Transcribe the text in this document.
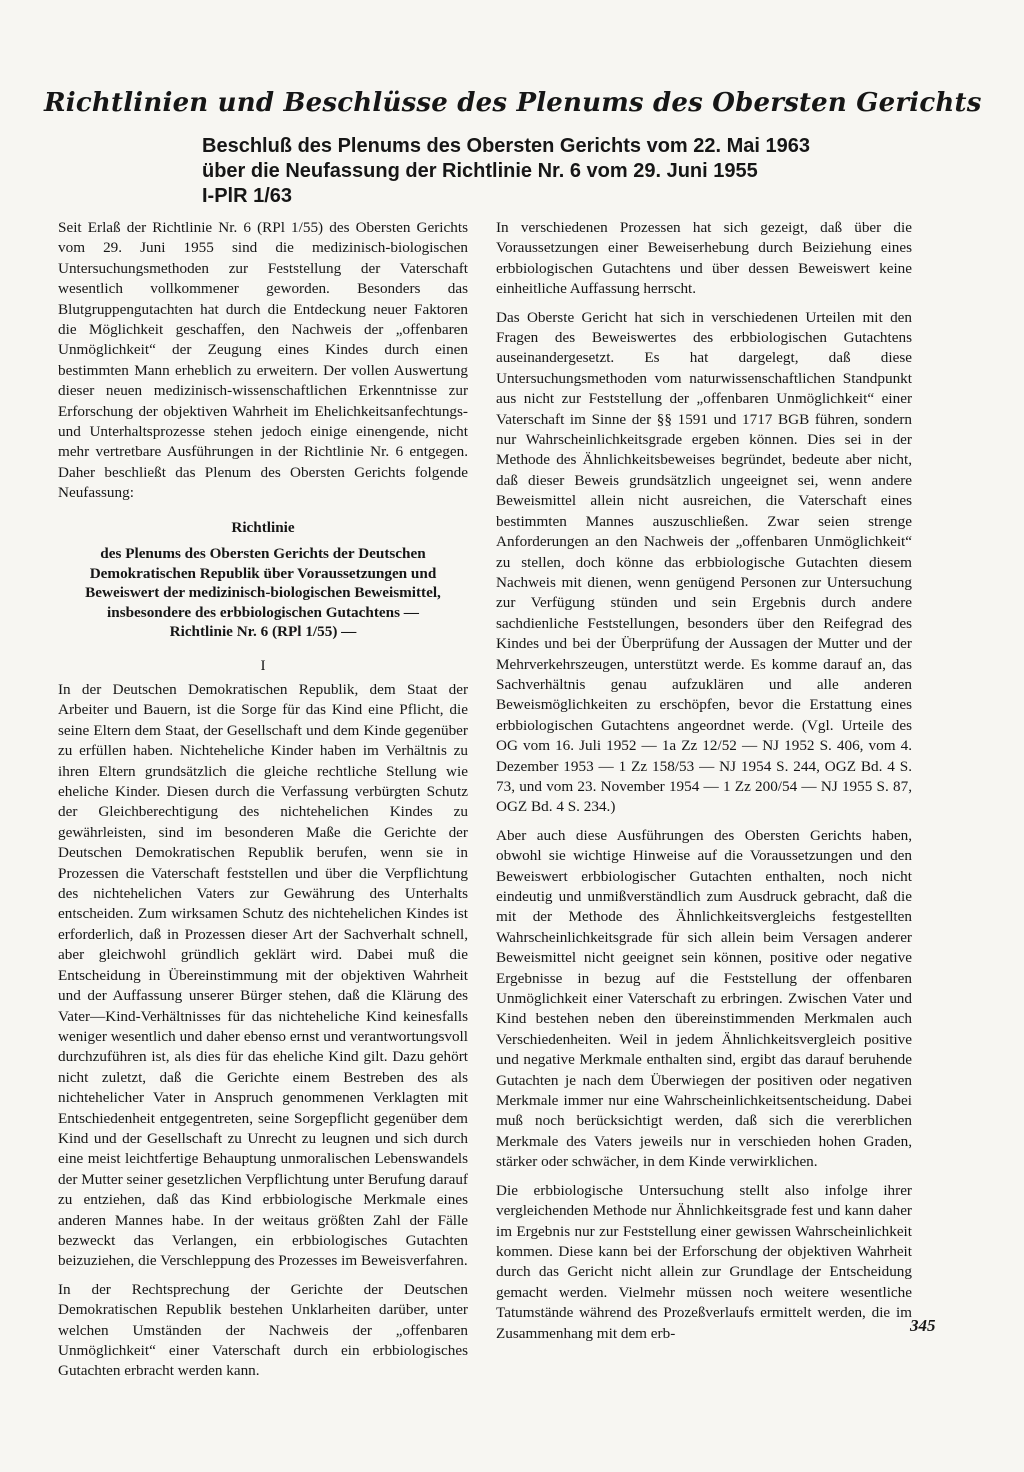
Richtlinien und Beschlüsse des Plenums des Obersten Gerichts
Beschluß des Plenums des Obersten Gerichts vom 22. Mai 1963
über die Neufassung der Richtlinie Nr. 6 vom 29. Juni 1955
I-PlR 1/63

Seit Erlaß der Richtlinie Nr. 6 (RPl 1/55) des Obersten Gerichts vom 29. Juni 1955 sind die medizinisch-biologischen Untersuchungsmethoden zur Feststellung der Vaterschaft wesentlich vollkommener geworden. Besonders das Blutgruppengutachten hat durch die Entdeckung neuer Faktoren die Möglichkeit geschaffen, den Nachweis der „offenbaren Unmöglichkeit“ der Zeugung eines Kindes durch einen bestimmten Mann erheblich zu erweitern. Der vollen Auswertung dieser neuen medizinisch-wissenschaftlichen Erkenntnisse zur Erforschung der objektiven Wahrheit im Ehelichkeitsanfechtungs- und Unterhaltsprozesse stehen jedoch einige einengende, nicht mehr vertretbare Ausführungen in der Richtlinie Nr. 6 entgegen. Daher beschließt das Plenum des Obersten Gerichts folgende Neufassung:

Richtlinie
des Plenums des Obersten Gerichts der Deutschen Demokratischen Republik über Voraussetzungen und Beweiswert der medizinisch-biologischen Beweismittel, insbesondere des erbbiologischen Gutachtens — Richtlinie Nr. 6 (RPl 1/55) —
I

In der Deutschen Demokratischen Republik, dem Staat der Arbeiter und Bauern, ist die Sorge für das Kind eine Pflicht, die seine Eltern dem Staat, der Gesellschaft und dem Kinde gegenüber zu erfüllen haben. Nichteheliche Kinder haben im Verhältnis zu ihren Eltern grundsätzlich die gleiche rechtliche Stellung wie eheliche Kinder. Diesen durch die Verfassung verbürgten Schutz der Gleichberechtigung des nichtehelichen Kindes zu gewährleisten, sind im besonderen Maße die Gerichte der Deutschen Demokratischen Republik berufen, wenn sie in Prozessen die Vaterschaft feststellen und über die Verpflichtung des nichtehelichen Vaters zur Gewährung des Unterhalts entscheiden. Zum wirksamen Schutz des nichtehelichen Kindes ist erforderlich, daß in Prozessen dieser Art der Sachverhalt schnell, aber gleichwohl gründlich geklärt wird. Dabei muß die Entscheidung in Übereinstimmung mit der objektiven Wahrheit und der Auffassung unserer Bürger stehen, daß die Klärung des Vater—Kind-Verhältnisses für das nichteheliche Kind keinesfalls weniger wesentlich und daher ebenso ernst und verantwortungsvoll durchzuführen ist, als dies für das eheliche Kind gilt. Dazu gehört nicht zuletzt, daß die Gerichte einem Bestreben des als nichtehelicher Vater in Anspruch genommenen Verklagten mit Entschiedenheit entgegentreten, seine Sorgepflicht gegenüber dem Kind und der Gesellschaft zu Unrecht zu leugnen und sich durch eine meist leichtfertige Behauptung unmoralischen Lebenswandels der Mutter seiner gesetzlichen Verpflichtung unter Berufung darauf zu entziehen, daß das Kind erbbiologische Merkmale eines anderen Mannes habe. In der weitaus größten Zahl der Fälle bezweckt das Verlangen, ein erbbiologisches Gutachten beizuziehen, die Verschleppung des Prozesses im Beweisverfahren.

In der Rechtsprechung der Gerichte der Deutschen Demokratischen Republik bestehen Unklarheiten darüber, unter welchen Umständen der Nachweis der „offenbaren Unmöglichkeit“ einer Vaterschaft durch ein erbbiologisches Gutachten erbracht werden kann.

In verschiedenen Prozessen hat sich gezeigt, daß über die Voraussetzungen einer Beweiserhebung durch Beiziehung eines erbbiologischen Gutachtens und über dessen Beweiswert keine einheitliche Auffassung herrscht.

Das Oberste Gericht hat sich in verschiedenen Urteilen mit den Fragen des Beweiswertes des erbbiologischen Gutachtens auseinandergesetzt. Es hat dargelegt, daß diese Untersuchungsmethoden vom naturwissenschaftlichen Standpunkt aus nicht zur Feststellung der „offenbaren Unmöglichkeit“ einer Vaterschaft im Sinne der §§ 1591 und 1717 BGB führen, sondern nur Wahrscheinlichkeitsgrade ergeben können. Dies sei in der Methode des Ähnlichkeitsbeweises begründet, bedeute aber nicht, daß dieser Beweis grundsätzlich ungeeignet sei, wenn andere Beweismittel allein nicht ausreichen, die Vaterschaft eines bestimmten Mannes auszuschließen. Zwar seien strenge Anforderungen an den Nachweis der „offenbaren Unmöglichkeit“ zu stellen, doch könne das erbbiologische Gutachten diesem Nachweis mit dienen, wenn genügend Personen zur Untersuchung zur Verfügung stünden und sein Ergebnis durch andere sachdienliche Feststellungen, besonders über den Reifegrad des Kindes und bei der Überprüfung der Aussagen der Mutter und der Mehrverkehrszeugen, unterstützt werde. Es komme darauf an, das Sachverhältnis genau aufzuklären und alle anderen Beweismöglichkeiten zu erschöpfen, bevor die Erstattung eines erbbiologischen Gutachtens angeordnet werde. (Vgl. Urteile des OG vom 16. Juli 1952 — 1a Zz 12/52 — NJ 1952 S. 406, vom 4. Dezember 1953 — 1 Zz 158/53 — NJ 1954 S. 244, OGZ Bd. 4 S. 73, und vom 23. November 1954 — 1 Zz 200/54 — NJ 1955 S. 87, OGZ Bd. 4 S. 234.)

Aber auch diese Ausführungen des Obersten Gerichts haben, obwohl sie wichtige Hinweise auf die Voraussetzungen und den Beweiswert erbbiologischer Gutachten enthalten, noch nicht eindeutig und unmißverständlich zum Ausdruck gebracht, daß die mit der Methode des Ähnlichkeitsvergleichs festgestellten Wahrscheinlichkeitsgrade für sich allein beim Versagen anderer Beweismittel nicht geeignet sein können, positive oder negative Ergebnisse in bezug auf die Feststellung der offenbaren Unmöglichkeit einer Vaterschaft zu erbringen. Zwischen Vater und Kind bestehen neben den übereinstimmenden Merkmalen auch Verschiedenheiten. Weil in jedem Ähnlichkeitsvergleich positive und negative Merkmale enthalten sind, ergibt das darauf beruhende Gutachten je nach dem Überwiegen der positiven oder negativen Merkmale immer nur eine Wahrscheinlichkeitsentscheidung. Dabei muß noch berücksichtigt werden, daß sich die vererblichen Merkmale des Vaters jeweils nur in verschieden hohen Graden, stärker oder schwächer, in dem Kinde verwirklichen.

Die erbbiologische Untersuchung stellt also infolge ihrer vergleichenden Methode nur Ähnlichkeitsgrade fest und kann daher im Ergebnis nur zur Feststellung einer gewissen Wahrscheinlichkeit kommen. Diese kann bei der Erforschung der objektiven Wahrheit durch das Gericht nicht allein zur Grundlage der Entscheidung gemacht werden. Vielmehr müssen noch weitere wesentliche Tatumstände während des Prozeßverlaufs ermittelt werden, die im Zusammenhang mit dem erb-	345
